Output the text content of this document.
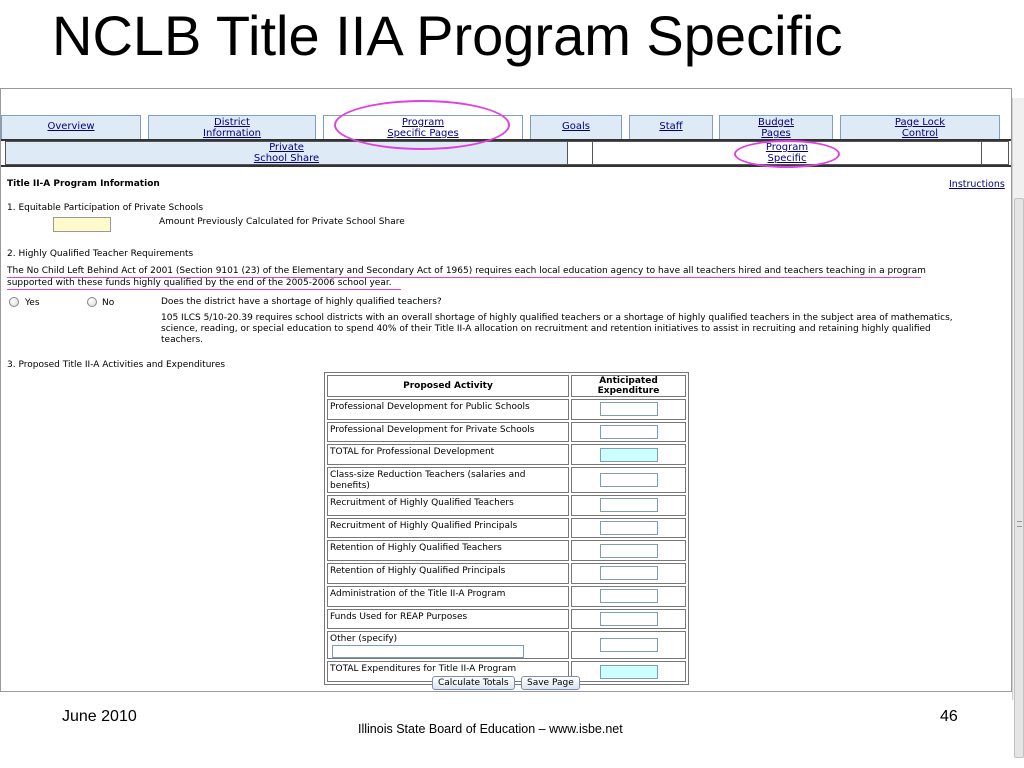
NCLB Title IIA Program Specific
Overview	District
Information
Program
Specific Pages
Goals	Staff	Budget
Pages
Page Lock
Control
Private
School Share
Program
Specific
Title II-A Program Information	Instructions
1. Equitable Participation of Private Schools
Amount Previously Calculated for Private School Share
2. Highly Qualified Teacher Requirements
The No Child Left Behind Act of 2001 (Section 9101 (23) of the Elementary and Secondary Act of 1965) requires each local education agency to have all teachers hired and teachers teaching in a program
supported with these funds highly qualified by the end of the 2005-2006 school year.
Yes	No	Does the district have a shortage of highly qualified teachers?
105 ILCS 5/10-20.39 requires school districts with an overall shortage of highly qualified teachers or a shortage of highly qualified teachers in the subject area of mathematics, science, reading, or special education to spend 40% of their Title II-A allocation on recruitment and retention initiatives to assist in recruiting and retaining highly qualified teachers.
3. Proposed Title II-A Activities and Expenditures
Proposed Activity	Anticipated Expenditure
Professional Development for Public Schools	
Professional Development for Private Schools	
TOTAL for Professional Development	
Class-size Reduction Teachers (salaries and benefits)	
Recruitment of Highly Qualified Teachers	
Recruitment of Highly Qualified Principals	
Retention of Highly Qualified Teachers	
Retention of Highly Qualified Principals	
Administration of the Title II-A Program	
Funds Used for REAP Purposes	
Other (specify)	
TOTAL Expenditures for Title II-A Program	
Calculate Totals	Save Page
June 2010
Illinois State Board of Education – www.isbe.net
46
